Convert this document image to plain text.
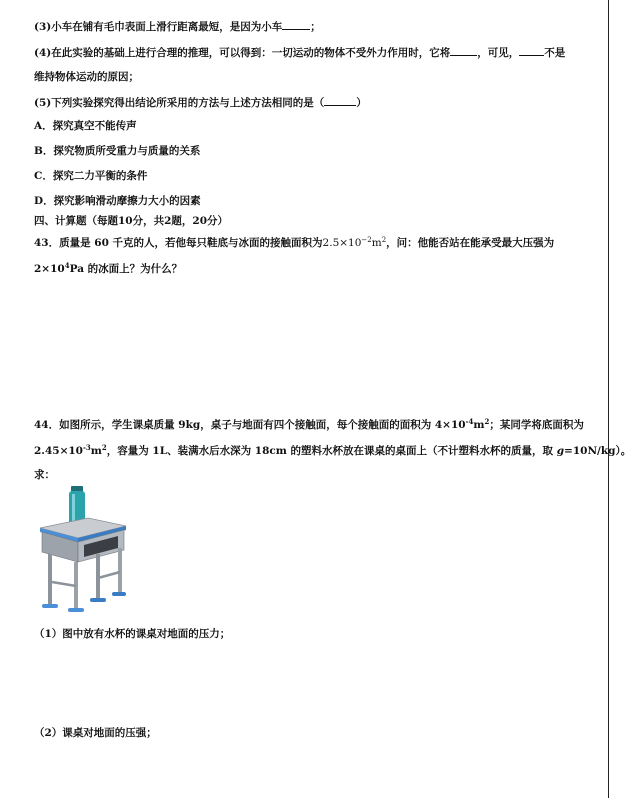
(3)小车在铺有毛巾表面上滑行距离最短，是因为小车	；
(4)在此实验的基础上进行合理的推理，可以得到：一切运动的物体不受外力作用时，它将	，可见， 不是
维持物体运动的原因；
(5)下列实验探究得出结论所采用的方法与上述方法相同的是（	）
A．探究真空不能传声
B．探究物质所受重力与质量的关系
C．探究二力平衡的条件
D．探究影响滑动摩擦力大小的因素
四、计算题（每题10分，共2题，20分）
43．质量是 60 千克的人，若他每只鞋底与冰面的接触面积为$2.5\times 10^{-2}m^2$，问：他能否站在能承受最大压强为
$2\times 10^4Pa$ 的冰面上？为什么？
44．如图所示，学生课桌质量 9kg，桌子与地面有四个接触面，每个接触面的面积为 $4\times 10^{-4}m^2$；某同学将底面积为
$2.45\times 10^{-3}m^2$，容量为 1L、装满水后水深为 18cm 的塑料水杯放在课桌的桌面上（不计塑料水杯的质量，取 g=10N/kg）。
求：
（1）图中放有水杯的课桌对地面的压力；
（2）课桌对地面的压强；
